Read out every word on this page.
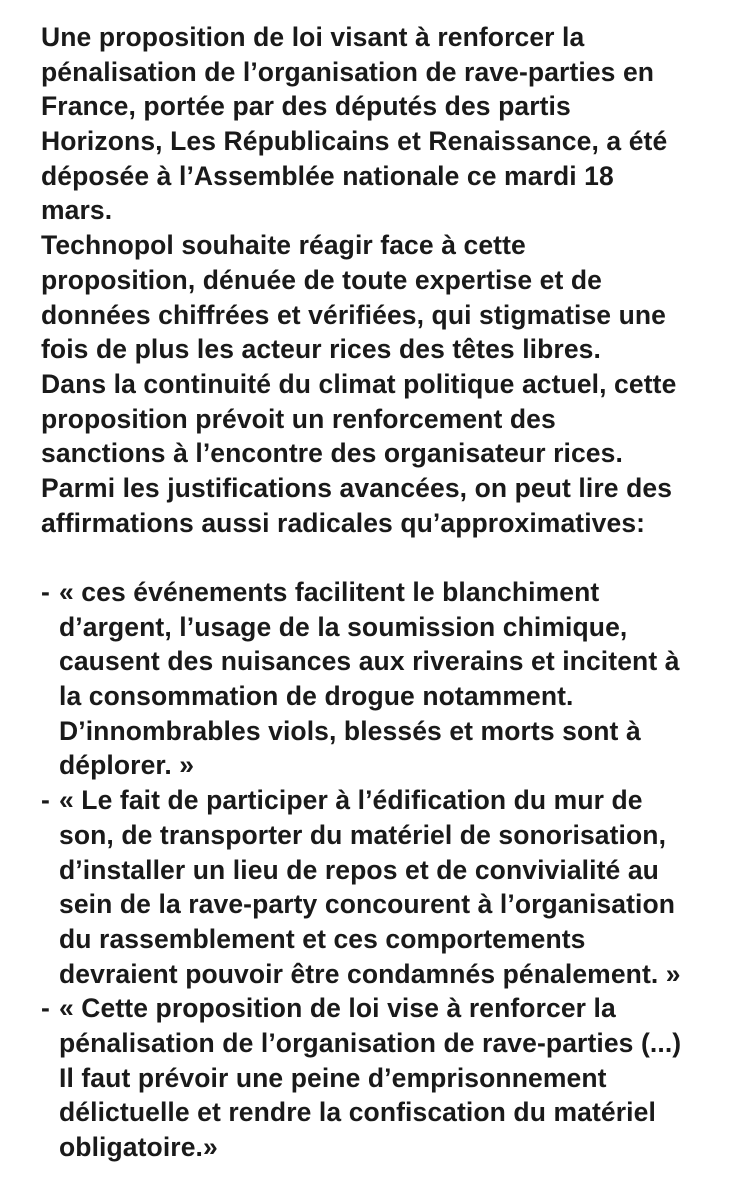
Une proposition de loi visant à renforcer la
pénalisation de l’organisation de rave-parties en
France, portée par des députés des partis
Horizons, Les Républicains et Renaissance, a été
déposée à l’Assemblée nationale ce mardi 18
mars.
Technopol souhaite réagir face à cette
proposition, dénuée de toute expertise et de
données chiffrées et vérifiées, qui stigmatise une
fois de plus les acteur rices des têtes libres.
Dans la continuité du climat politique actuel, cette
proposition prévoit un renforcement des
sanctions à l’encontre des organisateur rices.
Parmi les justifications avancées, on peut lire des
affirmations aussi radicales qu’approximatives:
- « ces événements facilitent le blanchiment
d’argent, l’usage de la soumission chimique,
causent des nuisances aux riverains et incitent à
la consommation de drogue notamment.
D’innombrables viols, blessés et morts sont à
déplorer. »
- « Le fait de participer à l’édification du mur de
son, de transporter du matériel de sonorisation,
d’installer un lieu de repos et de convivialité au
sein de la rave-party concourent à l’organisation
du rassemblement et ces comportements
devraient pouvoir être condamnés pénalement. »
- « Cette proposition de loi vise à renforcer la
pénalisation de l’organisation de rave-parties (...)
Il faut prévoir une peine d’emprisonnement
délictuelle et rendre la confiscation du matériel
obligatoire.»
